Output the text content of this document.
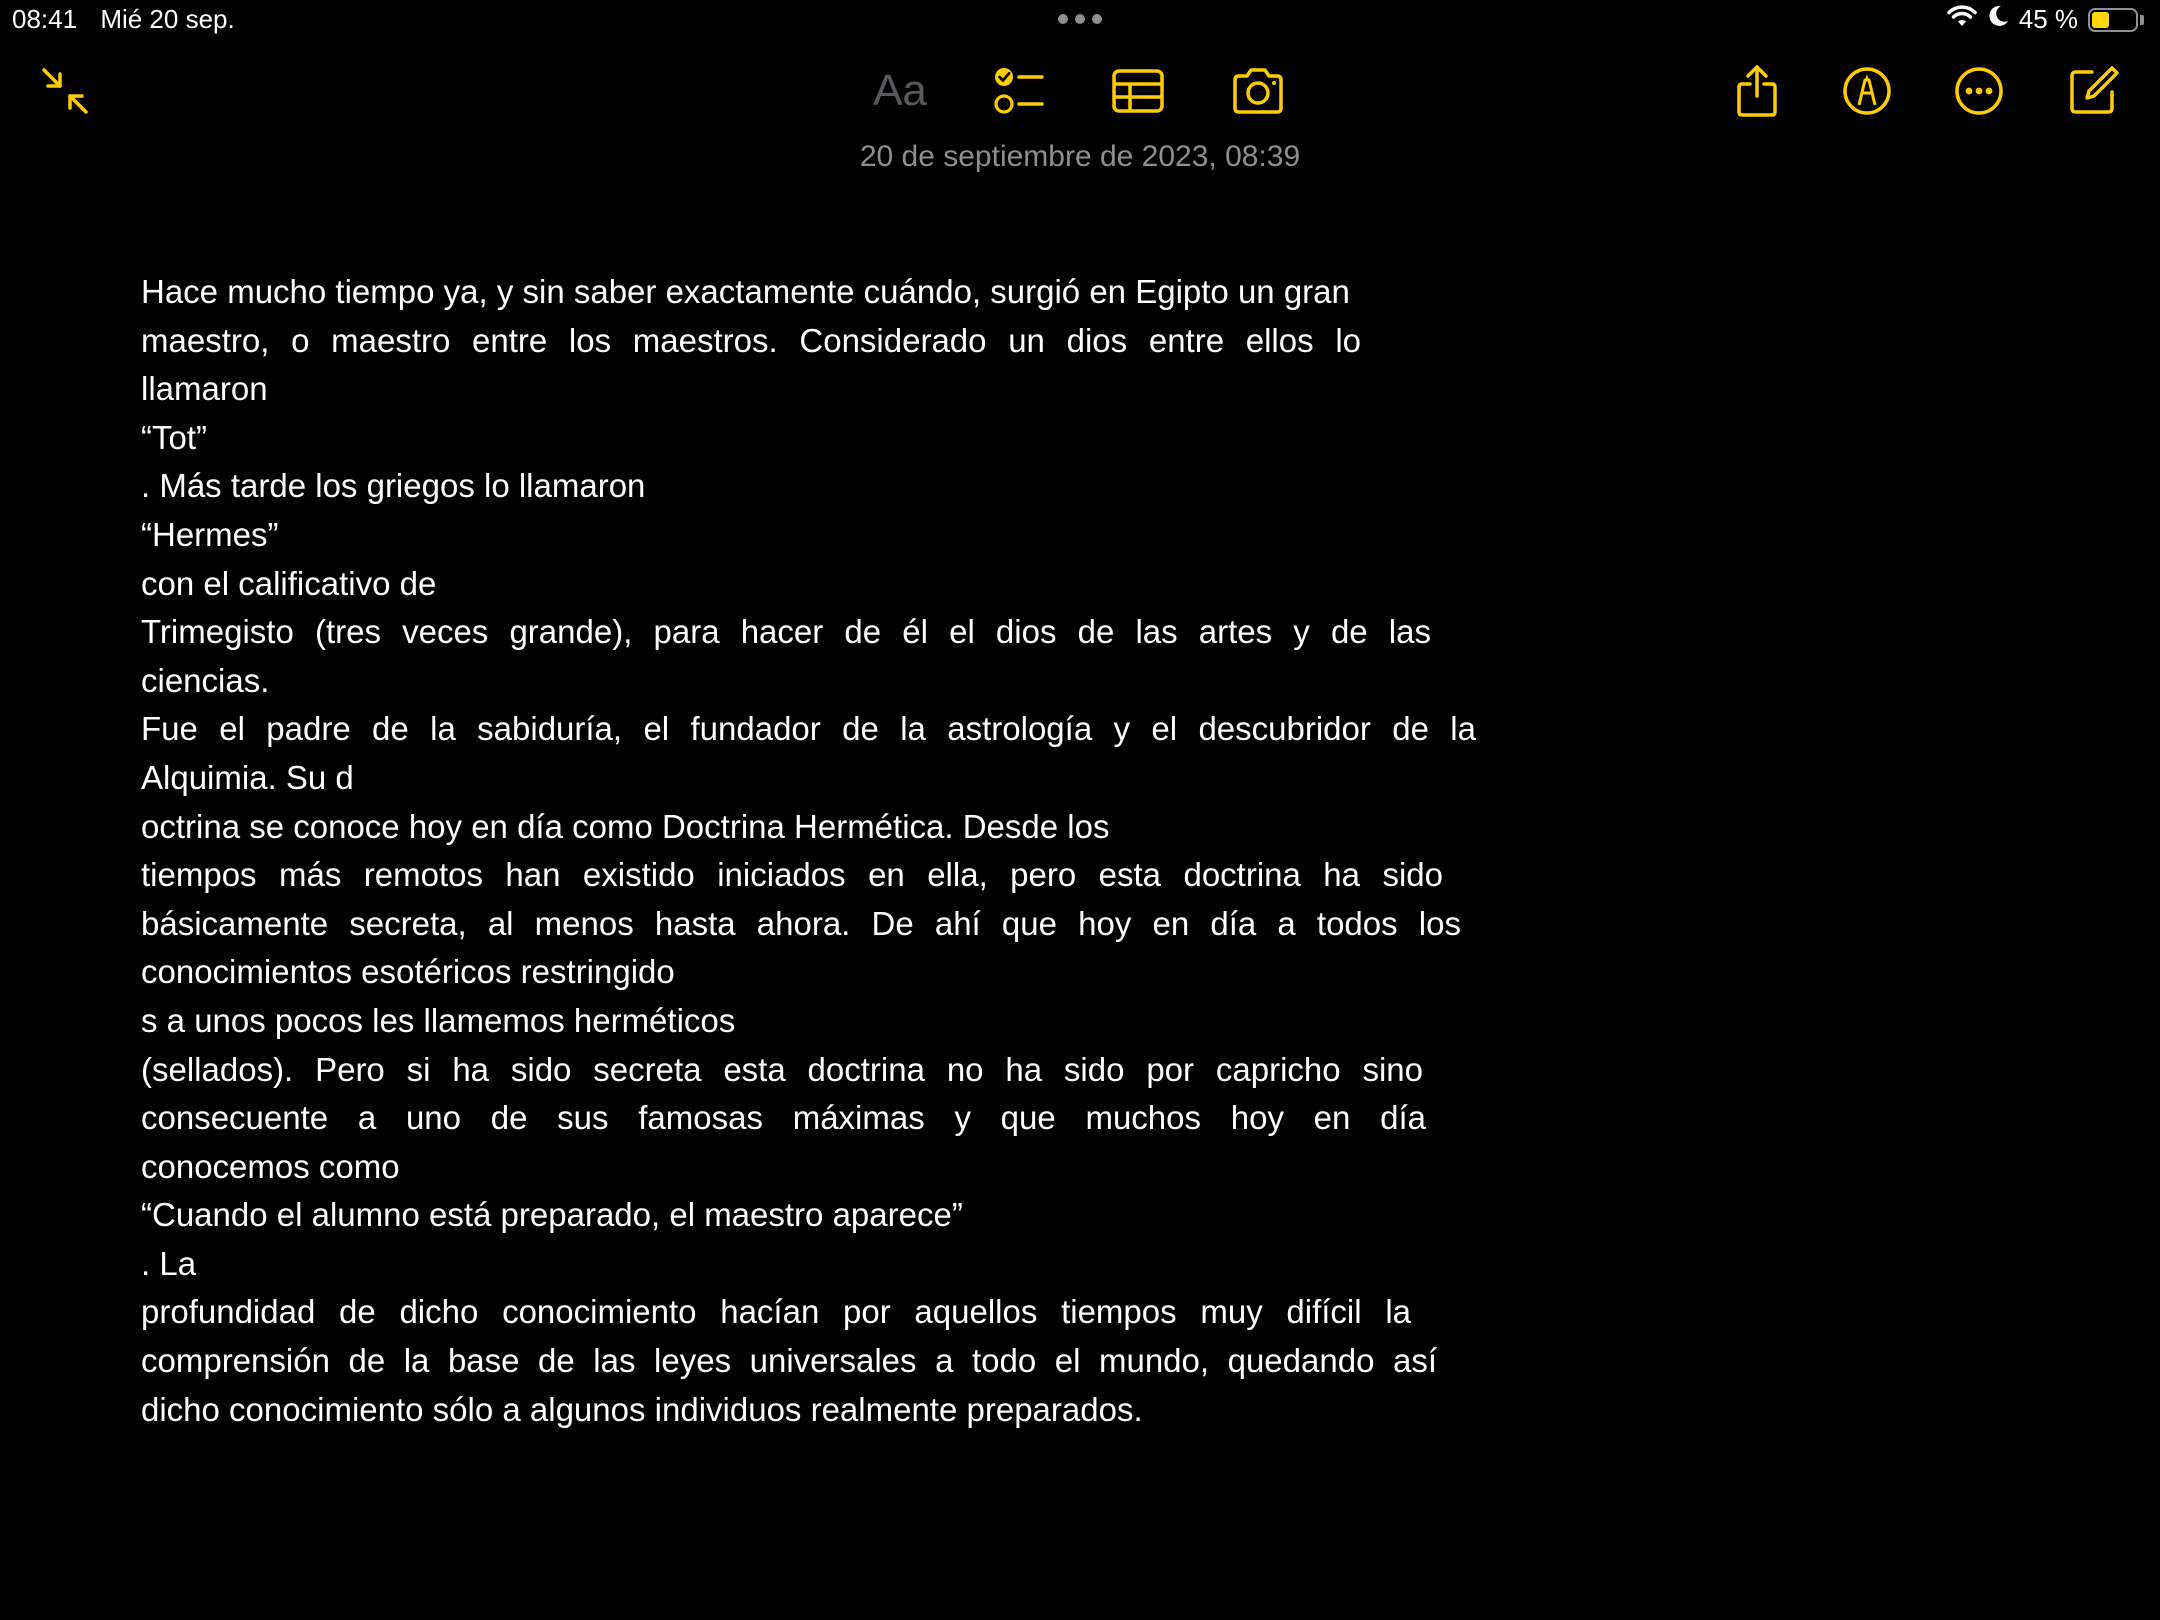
08:41 Mié 20 sep.	45 %
Aa
20 de septiembre de 2023, 08:39
Hace mucho tiempo ya, y sin saber exactamente cuándo, surgió en Egipto un gran
maestro, o maestro entre los maestros. Considerado un dios entre ellos lo
llamaron
“Tot”
. Más tarde los griegos lo llamaron
“Hermes”
con el calificativo de
Trimegisto (tres veces grande), para hacer de él el dios de las artes y de las
ciencias.
Fue el padre de la sabiduría, el fundador de la astrología y el descubridor de la
Alquimia. Su d
octrina se conoce hoy en día como Doctrina Hermética. Desde los
tiempos más remotos han existido iniciados en ella, pero esta doctrina ha sido
básicamente secreta, al menos hasta ahora. De ahí que hoy en día a todos los
conocimientos esotéricos restringido
s a unos pocos les llamemos herméticos
(sellados). Pero si ha sido secreta esta doctrina no ha sido por capricho sino
consecuente a uno de sus famosas máximas y que muchos hoy en día
conocemos como
“Cuando el alumno está preparado, el maestro aparece”
. La
profundidad de dicho conocimiento hacían por aquellos tiempos muy difícil la
comprensión de la base de las leyes universales a todo el mundo, quedando así
dicho conocimiento sólo a algunos individuos realmente preparados.
